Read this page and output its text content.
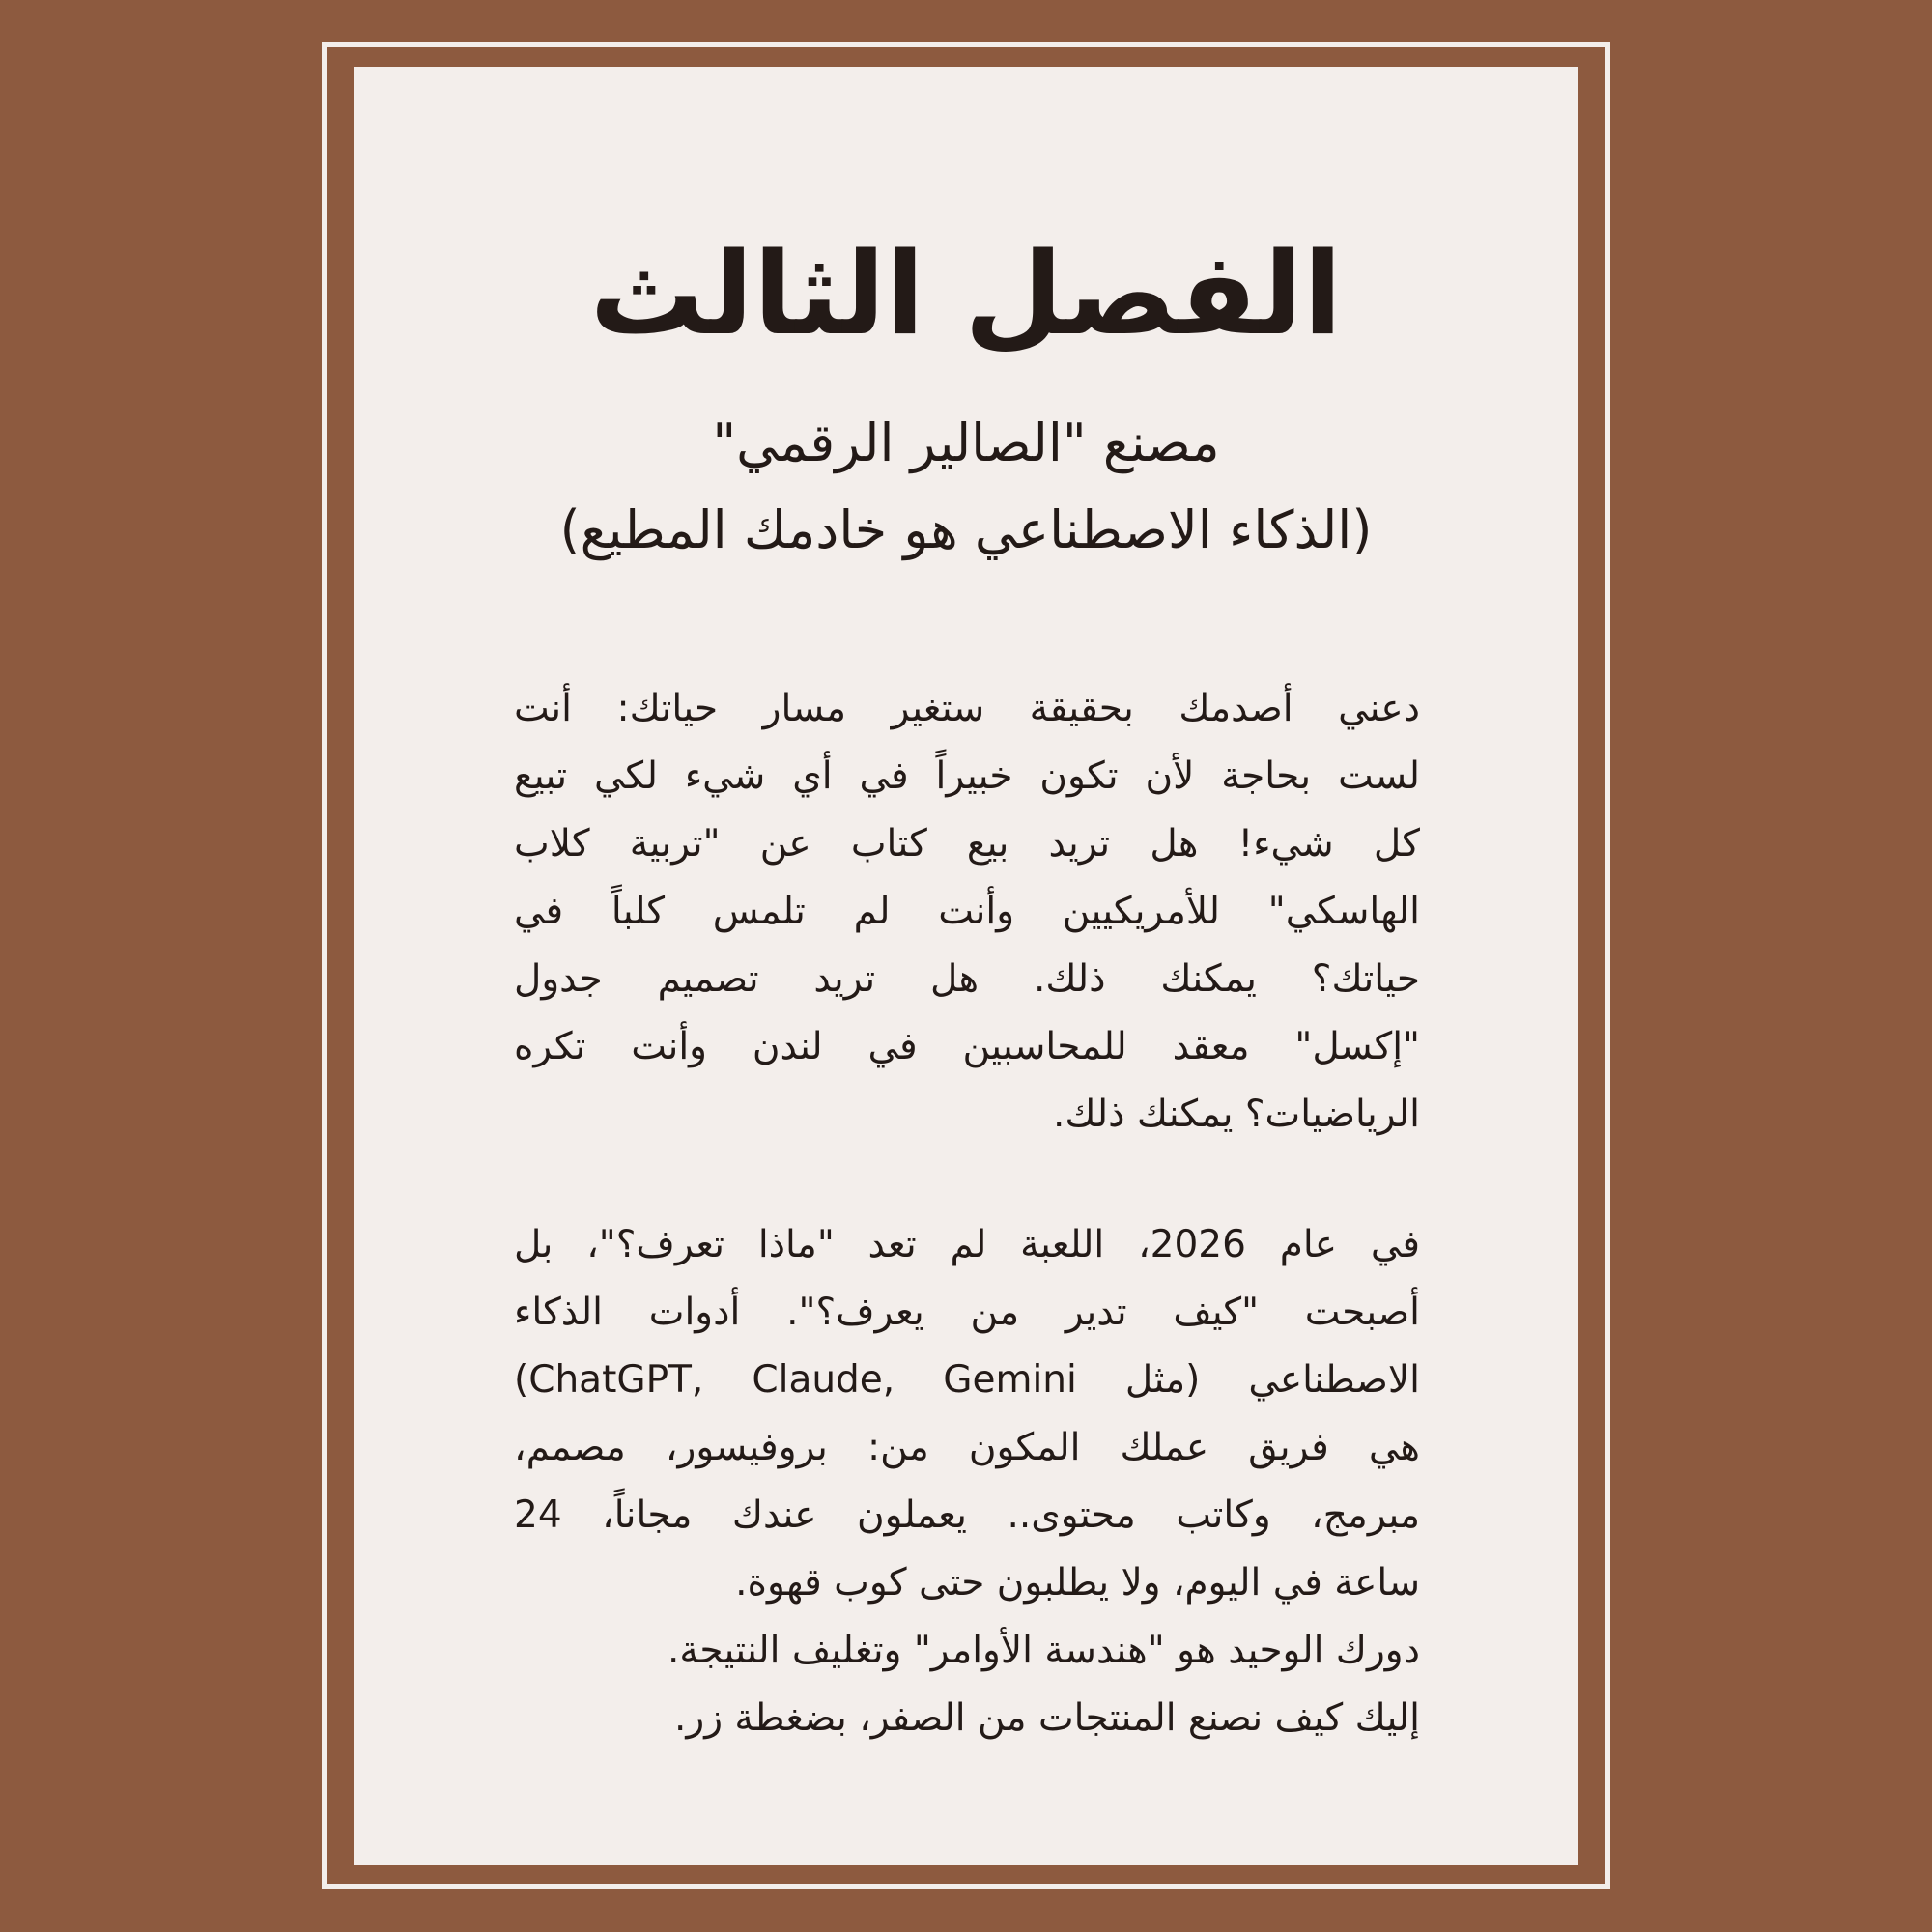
الفصل الثالث
مصنع "الصالير الرقمي"
(الذكاء الاصطناعي هو خادمك المطيع)
دعني أصدمك بحقيقة ستغير مسار حياتك: أنت
لست بحاجة لأن تكون خبيراً في أي شيء لكي تبيع
كل شيء! هل تريد بيع كتاب عن "تربية كلاب
الهاسكي" للأمريكيين وأنت لم تلمس كلباً في
حياتك؟ يمكنك ذلك. هل تريد تصميم جدول
"إكسل" معقد للمحاسبين في لندن وأنت تكره
الرياضيات؟ يمكنك ذلك.
في عام 2026، اللعبة لم تعد "ماذا تعرف؟"، بل
أصبحت "كيف تدير من يعرف؟". أدوات الذكاء
الاصطناعي (مثل ChatGPT, Claude, Gemini)
هي فريق عملك المكون من: بروفيسور، مصمم،
مبرمج، وكاتب محتوى.. يعملون عندك مجاناً، 24
ساعة في اليوم، ولا يطلبون حتى كوب قهوة.
دورك الوحيد هو "هندسة الأوامر" وتغليف النتيجة.
إليك كيف نصنع المنتجات من الصفر، بضغطة زر.
